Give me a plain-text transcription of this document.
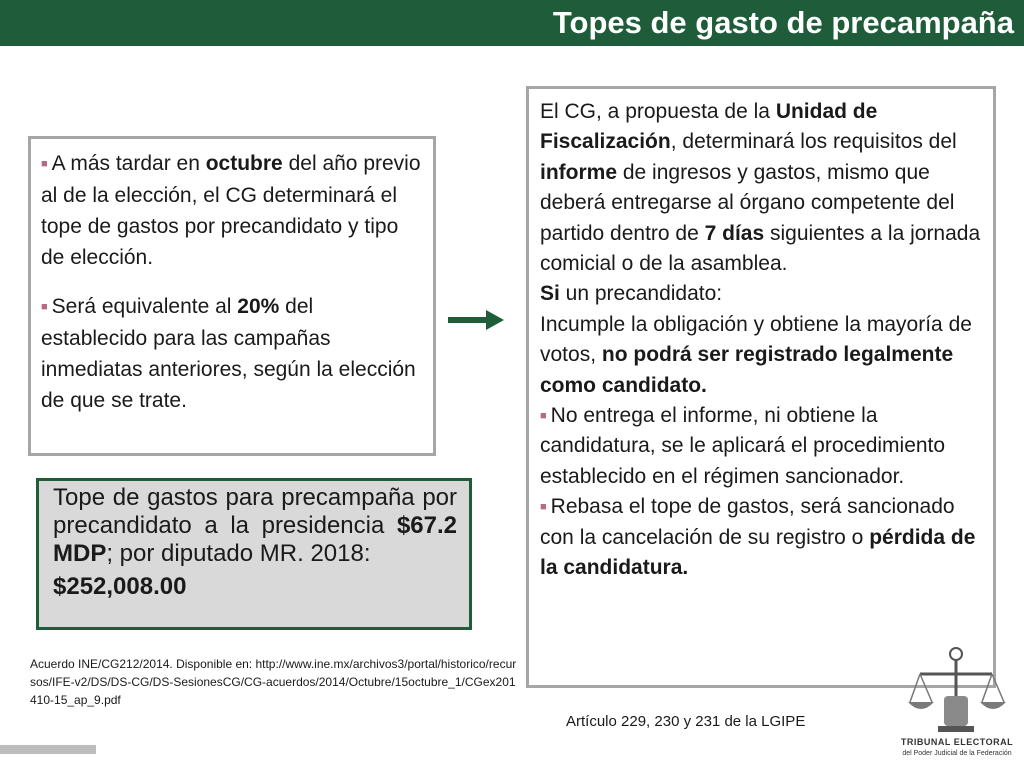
Topes de gasto de precampaña

■ A más tardar en octubre del año previo al de la elección, el CG determinará el tope de gastos por precandidato y tipo de elección.

■ Será equivalente al 20% del establecido para las campañas inmediatas anteriores, según la elección de que se trate.

Tope de gastos para precampaña por precandidato a la presidencia $67.2 MDP; por diputado MR. 2018:
$252,008.00

El CG, a propuesta de la Unidad de Fiscalización, determinará los requisitos del informe de ingresos y gastos, mismo que deberá entregarse al órgano competente del partido dentro de 7 días siguientes a la jornada comicial o de la asamblea.

Si un precandidato:

Incumple la obligación y obtiene la mayoría de votos, no podrá ser registrado legalmente como candidato.

■ No entrega el informe, ni obtiene la candidatura, se le aplicará el procedimiento establecido en el régimen sancionador.

■ Rebasa el tope de gastos, será sancionado con la cancelación de su registro o pérdida de la candidatura.

Acuerdo INE/CG212/2014. Disponible en: http://www.ine.mx/archivos3/portal/historico/recursos/IFE-v2/DS/DS-CG/DS-SesionesCG/CG-acuerdos/2014/Octubre/15octubre_1/CGex201410-15_ap_9.pdf
Artículo 229, 230 y 231 de la LGIPE
TRIBUNAL ELECTORAL
del Poder Judicial de la Federación
